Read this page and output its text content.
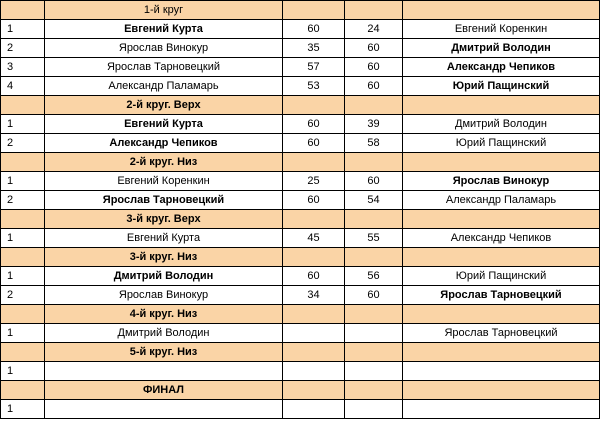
	1-й круг			
1	Евгений Курта	60	24	Евгений Коренкин
2	Ярослав Винокур	35	60	Дмитрий Володин
3	Ярослав Тарновецкий	57	60	Александр Чепиков
4	Александр Паламарь	53	60	Юрий Пащинский
	2-й круг. Верх			
1	Евгений Курта	60	39	Дмитрий Володин
2	Александр Чепиков	60	58	Юрий Пащинский
	2-й круг. Низ			
1	Евгений Коренкин	25	60	Ярослав Винокур
2	Ярослав Тарновецкий	60	54	Александр Паламарь
	3-й круг. Верх			
1	Евгений Курта	45	55	Александр Чепиков
	3-й круг. Низ			
1	Дмитрий Володин	60	56	Юрий Пащинский
2	Ярослав Винокур	34	60	Ярослав Тарновецкий
	4-й круг. Низ			
1	Дмитрий Володин			Ярослав Тарновецкий
	5-й круг. Низ			
1				
	ФИНАЛ			
1				
